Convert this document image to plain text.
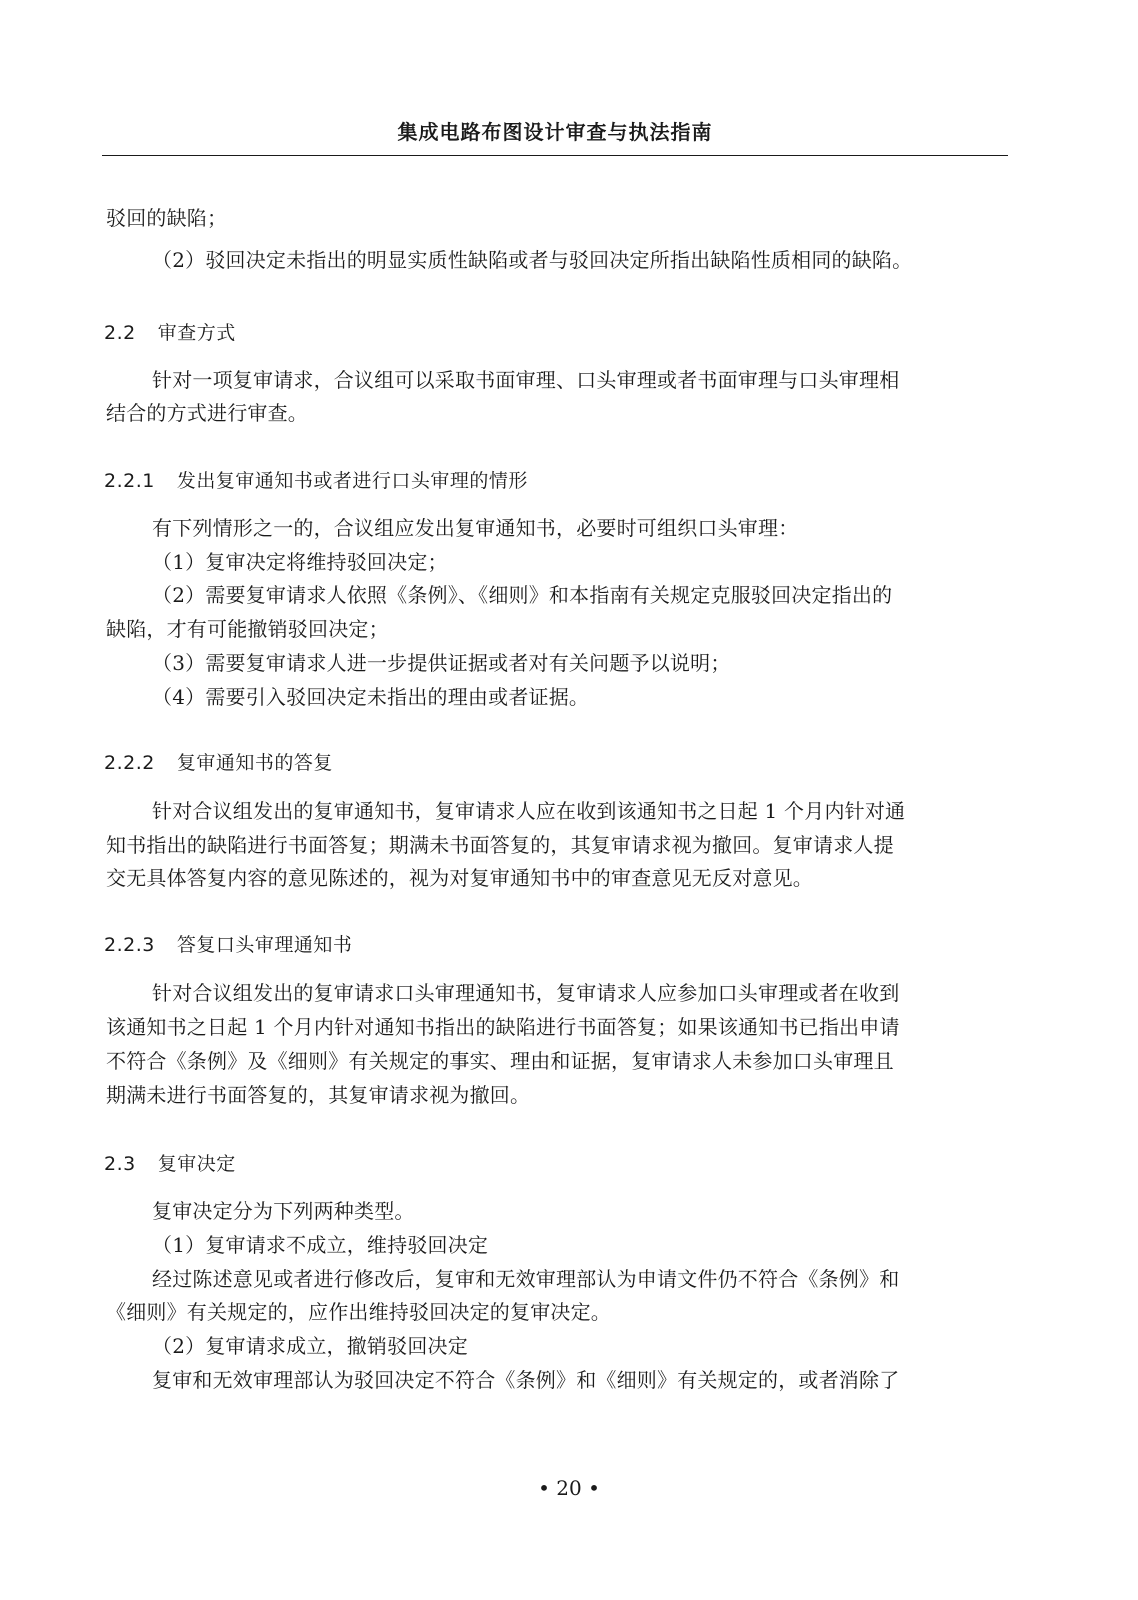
集成电路布图设计审查与执法指南
驳回的缺陷；
（2）驳回决定未指出的明显实质性缺陷或者与驳回决定所指出缺陷性质相同的缺陷。
2.2 审查方式
针对一项复审请求，合议组可以采取书面审理、口头审理或者书面审理与口头审理相
结合的方式进行审查。
2.2.1 发出复审通知书或者进行口头审理的情形
有下列情形之一的，合议组应发出复审通知书，必要时可组织口头审理：
（1）复审决定将维持驳回决定；
（2）需要复审请求人依照《条例》、《细则》和本指南有关规定克服驳回决定指出的
缺陷，才有可能撤销驳回决定；
（3）需要复审请求人进一步提供证据或者对有关问题予以说明；
（4）需要引入驳回决定未指出的理由或者证据。
2.2.2 复审通知书的答复
针对合议组发出的复审通知书，复审请求人应在收到该通知书之日起 1 个月内针对通
知书指出的缺陷进行书面答复；期满未书面答复的，其复审请求视为撤回。复审请求人提
交无具体答复内容的意见陈述的，视为对复审通知书中的审查意见无反对意见。
2.2.3 答复口头审理通知书
针对合议组发出的复审请求口头审理通知书，复审请求人应参加口头审理或者在收到
该通知书之日起 1 个月内针对通知书指出的缺陷进行书面答复；如果该通知书已指出申请
不符合《条例》及《细则》有关规定的事实、理由和证据，复审请求人未参加口头审理且
期满未进行书面答复的，其复审请求视为撤回。
2.3 复审决定
复审决定分为下列两种类型。
（1）复审请求不成立，维持驳回决定
经过陈述意见或者进行修改后，复审和无效审理部认为申请文件仍不符合《条例》和
《细则》有关规定的，应作出维持驳回决定的复审决定。
（2）复审请求成立，撤销驳回决定
复审和无效审理部认为驳回决定不符合《条例》和《细则》有关规定的，或者消除了
• 20 •
